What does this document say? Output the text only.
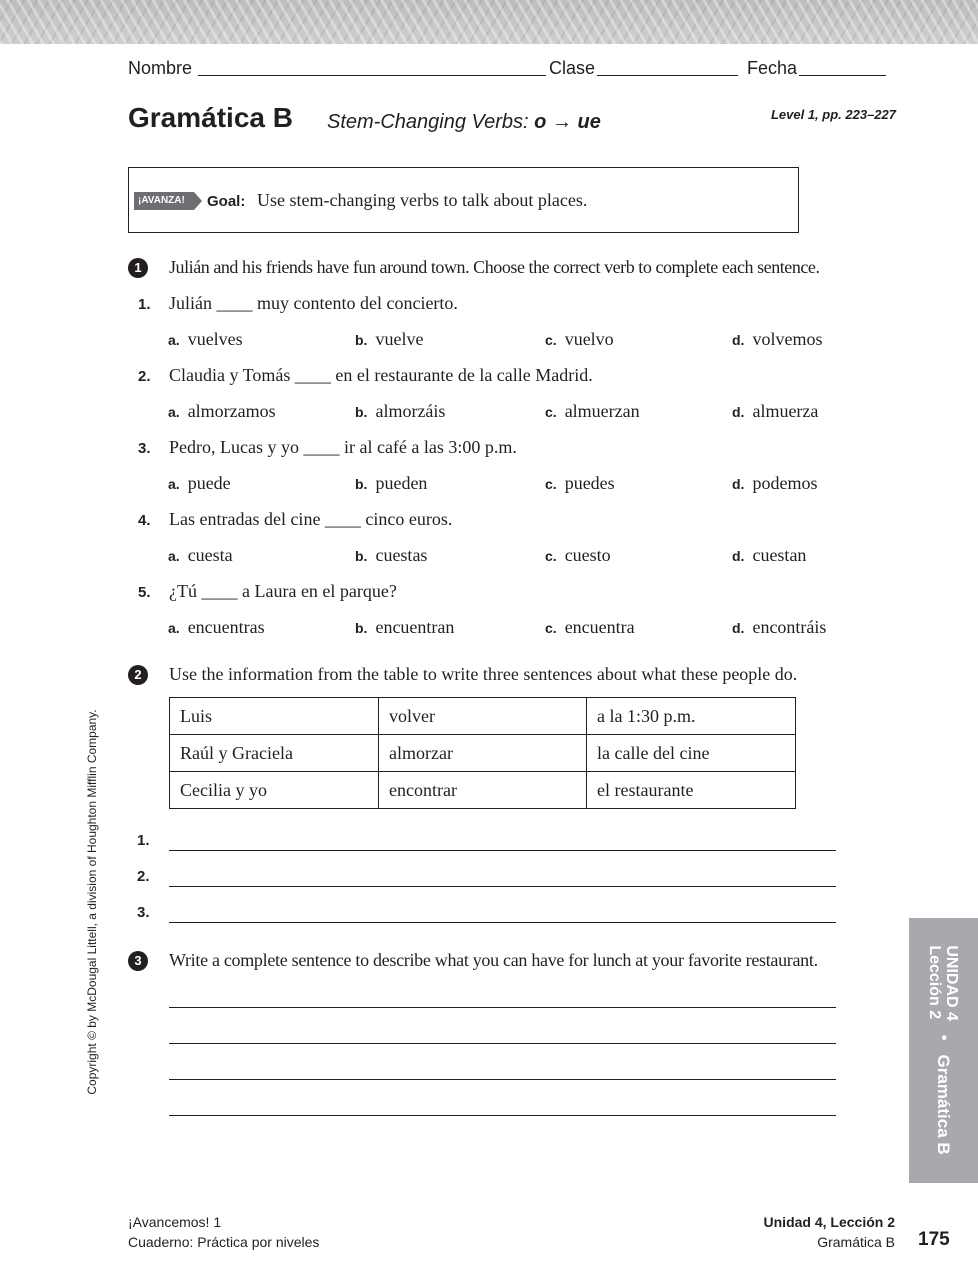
Nombre	Clase	Fecha
Gramática B Stem-Changing Verbs: o → ue	Level 1, pp. 223–227
¡AVANZA!	Goal: Use stem-changing verbs to talk about places.
1	Julián and his friends have fun around town. Choose the correct verb to complete each sentence.
1. Julián ____ muy contento del concierto.
a. vuelves	b. vuelve	c. vuelvo	d. volvemos
2. Claudia y Tomás ____ en el restaurante de la calle Madrid.
a. almorzamos	b. almorzáis	c. almuerzan	d. almuerza
3. Pedro, Lucas y yo ____ ir al café a las 3:00 p.m.
a. puede	b. pueden	c. puedes	d. podemos
4. Las entradas del cine ____ cinco euros.
a. cuesta	b. cuestas	c. cuesto	d. cuestan
5. ¿Tú ____ a Laura en el parque?
a. encuentras	b. encuentran	c. encuentra	d. encontráis
2	Use the information from the table to write three sentences about what these people do.
Luis	volver	a la 1:30 p.m.
Raúl y Graciela	almorzar	la calle del cine
Cecilia y yo	encontrar	el restaurante
1.
2.
3.
3	Write a complete sentence to describe what you can have for lunch at your favorite restaurant.
Copyright © by McDougal Littell, a division of Houghton Mifflin Company.	UNIDAD 4
Lección 2
•
Gramática B
¡Avancemos! 1
Cuaderno: Práctica por niveles
Unidad 4, Lección 2
Gramática B 175
